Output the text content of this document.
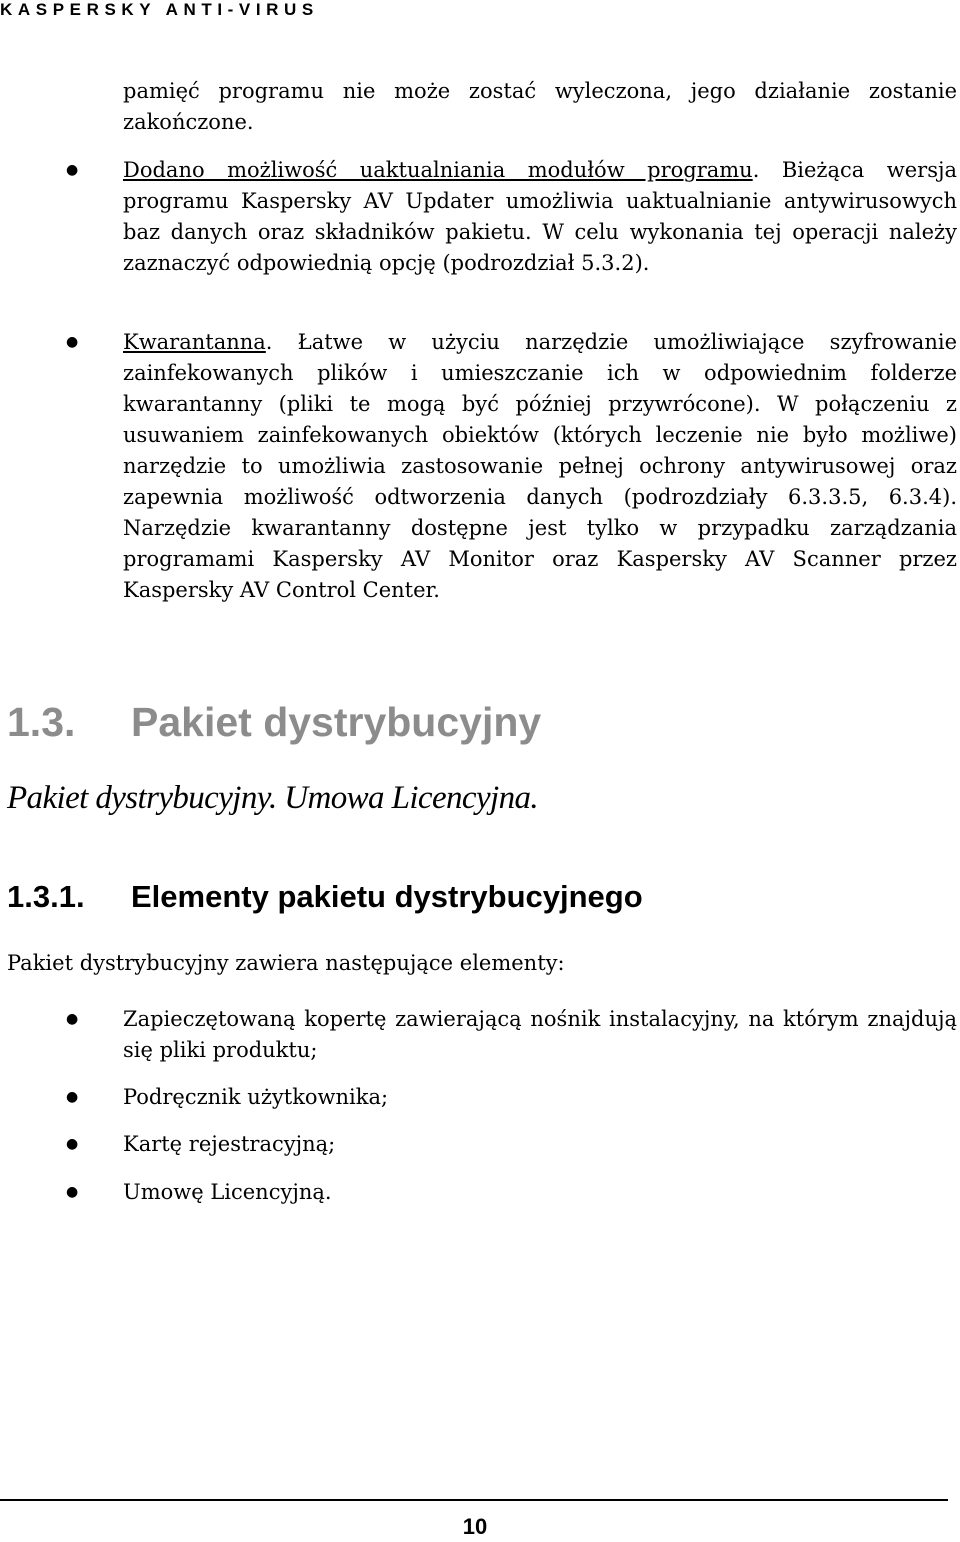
KASPERSKY ANTI-VIRUS
pamięć programu nie może zostać wyleczona, jego działanie zostanie zakończone.
●	Dodano możliwość uaktualniania modułów programu. Bieżąca wersja programu Kaspersky AV Updater umożliwia uaktualnianie antywirusowych baz danych oraz składników pakietu. W celu wykonania tej operacji należy zaznaczyć odpowiednią opcję (podrozdział 5.3.2).
●	Kwarantanna. Łatwe w użyciu narzędzie umożliwiające szyfrowanie zainfekowanych plików i umieszczanie ich w odpowiednim folderze kwarantanny (pliki te mogą być później przywrócone). W połączeniu z usuwaniem zainfekowanych obiektów (których leczenie nie było możliwe) narzędzie to umożliwia zastosowanie pełnej ochrony antywirusowej oraz zapewnia możliwość odtworzenia danych (podrozdziały 6.3.3.5, 6.3.4). Narzędzie kwarantanny dostępne jest tylko w przypadku zarządzania programami Kaspersky AV Monitor oraz Kaspersky AV Scanner przez Kaspersky AV Control Center.
1.3. Pakiet dystrybucyjny
Pakiet dystrybucyjny. Umowa Licencyjna.
1.3.1. Elementy pakietu dystrybucyjnego
Pakiet dystrybucyjny zawiera następujące elementy:
●	Zapieczętowaną kopertę zawierającą nośnik instalacyjny, na którym znajdują się pliki produktu;
●	Podręcznik użytkownika;
●	Kartę rejestracyjną;
●	Umowę Licencyjną.
10
